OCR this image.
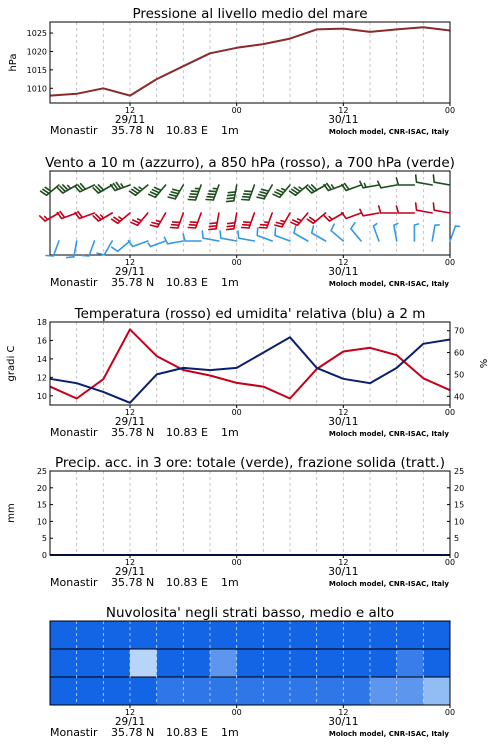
Pressione al livello medio del mare
1010
1015
1020
1025
hPa
12	00	12	00
29/11	30/11
Monastir 35.78 N 10.83 E 1m	Moloch model, CNR-ISAC, Italy
Vento a 10 m (azzurro), a 850 hPa (rosso), a 700 hPa (verde)
12	00	12	00
29/11	30/11
Monastir 35.78 N 10.83 E 1m	Moloch model, CNR-ISAC, Italy
Temperatura (rosso) ed umidita' relativa (blu) a 2 m
10
12
14
16
18
40
50
60
70
gradi C	%
12	00	12	00
29/11	30/11
Monastir 35.78 N 10.83 E 1m	Moloch model, CNR-ISAC, Italy
Precip. acc. in 3 ore: totale (verde), frazione solida (tratt.)
0
5
10
15
20
25
0
5
10
15
20
25
mm
12	00	12	00
29/11	30/11
Monastir 35.78 N 10.83 E 1m	Moloch model, CNR-ISAC, Italy
Nuvolosita' negli strati basso, medio e alto
12	00	12	00
29/11	30/11
Monastir 35.78 N 10.83 E 1m	Moloch model, CNR-ISAC, Italy
